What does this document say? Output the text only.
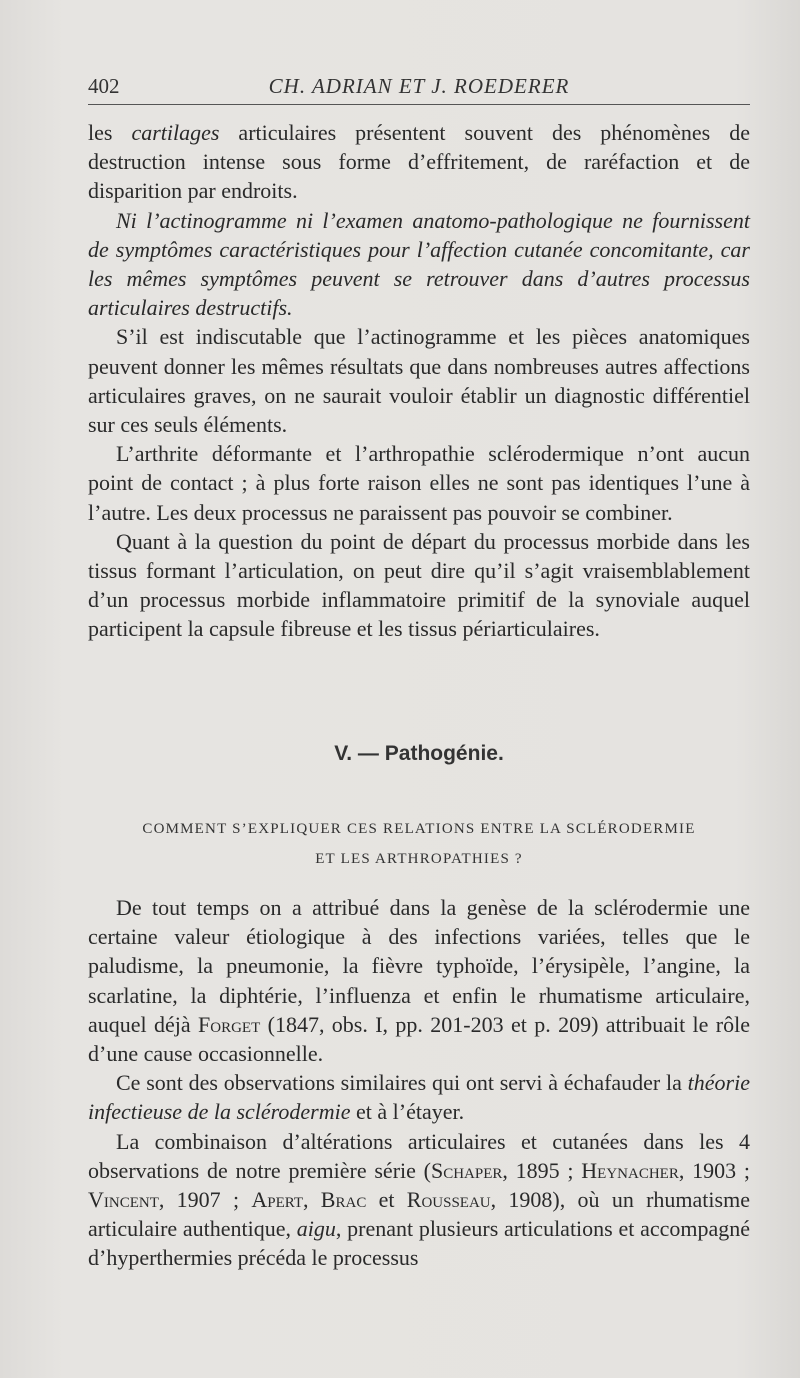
402	CH. ADRIAN ET J. ROEDERER

les cartilages articulaires présentent souvent des phénomènes de destruction intense sous forme d’effritement, de raréfaction et de disparition par endroits.

Ni l’actinogramme ni l’examen anatomo-pathologique ne fournissent de symptômes caractéristiques pour l’affection cutanée concomitante, car les mêmes symptômes peuvent se retrouver dans d’autres processus articulaires destructifs.

S’il est indiscutable que l’actinogramme et les pièces anatomiques peuvent donner les mêmes résultats que dans nombreuses autres affections articulaires graves, on ne saurait vouloir établir un diagnostic différentiel sur ces seuls éléments.

L’arthrite déformante et l’arthropathie sclérodermique n’ont aucun point de contact ; à plus forte raison elles ne sont pas identiques l’une à l’autre. Les deux processus ne paraissent pas pouvoir se combiner.

Quant à la question du point de départ du processus morbide dans les tissus formant l’articulation, on peut dire qu’il s’agit vraisemblablement d’un processus morbide inflammatoire primitif de la synoviale auquel participent la capsule fibreuse et les tissus périarticulaires.

V. — Pathogénie.
COMMENT S’EXPLIQUER CES RELATIONS ENTRE LA SCLÉRODERMIE
ET LES ARTHROPATHIES ?

De tout temps on a attribué dans la genèse de la sclérodermie une certaine valeur étiologique à des infections variées, telles que le paludisme, la pneumonie, la fièvre typhoïde, l’érysipèle, l’angine, la scarlatine, la diphtérie, l’influenza et enfin le rhumatisme articulaire, auquel déjà Forget (1847, obs. I, pp. 201-203 et p. 209) attribuait le rôle d’une cause occasionnelle.

Ce sont des observations similaires qui ont servi à échafauder la théorie infectieuse de la sclérodermie et à l’étayer.

La combinaison d’altérations articulaires et cutanées dans les 4 observations de notre première série (Schaper, 1895 ; Heynacher, 1903 ; Vincent, 1907 ; Apert, Brac et Rousseau, 1908), où un rhumatisme articulaire authentique, aigu, prenant plusieurs articulations et accompagné d’hyperthermies précéda le processus
